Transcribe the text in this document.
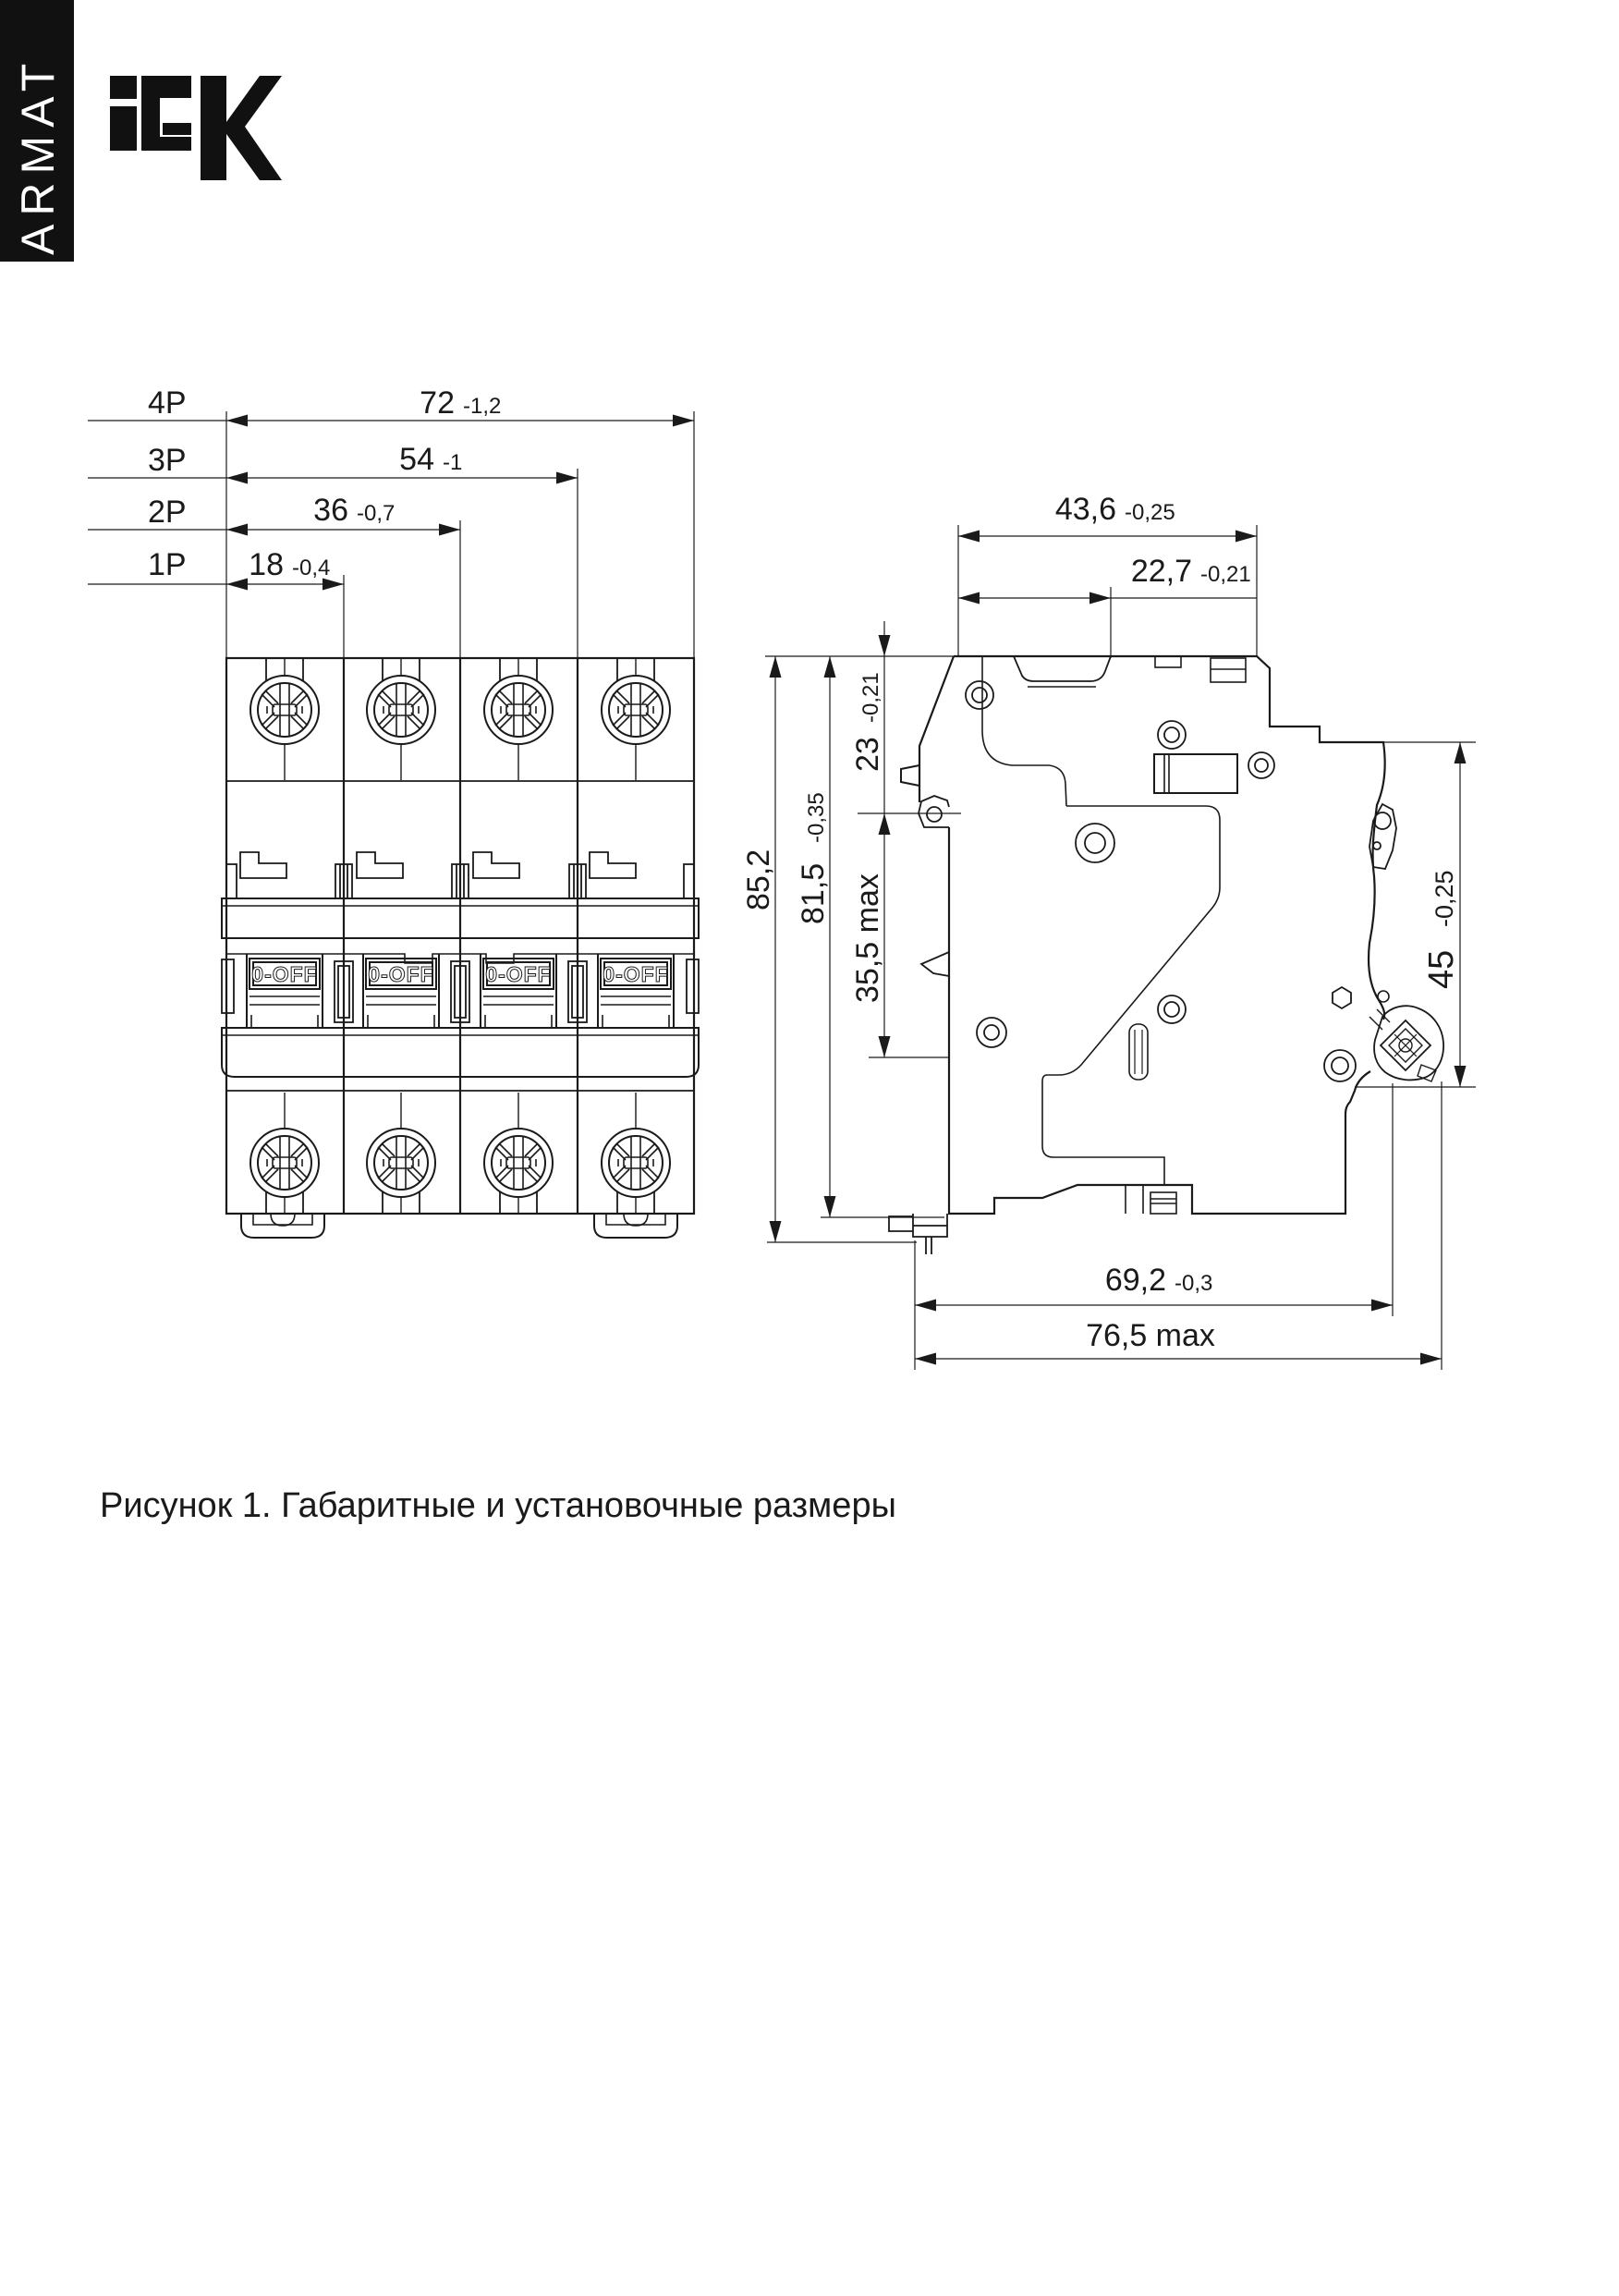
ARMAT
4P
3P
2P
1P
72 -1,2
54 -1
36 -0,7
18 -0,4
43,6 -0,25
22,7 -0,21
85,2 81,5
-0,35
23
-0,21
35,5 max	45
-0,25
69,2 -0,3
76,5 max
Рисунок 1. Габаритные и установочные размеры
